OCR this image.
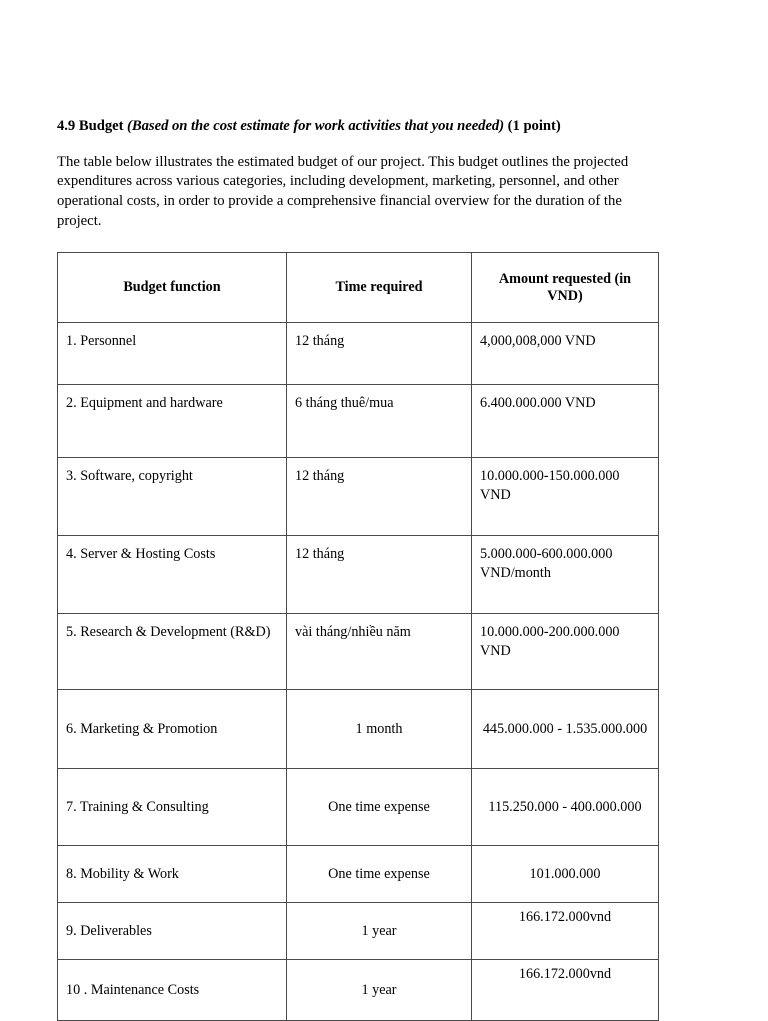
4.9 Budget (Based on the cost estimate for work activities that you needed) (1 point)

The table below illustrates the estimated budget of our project. This budget outlines the projected expenditures across various categories, including development, marketing, personnel, and other operational costs, in order to provide a comprehensive financial overview for the duration of the project.

Budget function	Time required	Amount requested (in VND)
1. Personnel	12 tháng	4,000,008,000 VND
2. Equipment and hardware	6 tháng thuê/mua	6.400.000.000 VND
3. Software, copyright	12 tháng	10.000.000-150.000.000 VND
4. Server & Hosting Costs	12 tháng	5.000.000-600.000.000 VND/month
5. Research & Development (R&D)	vài tháng/nhiều năm	10.000.000-200.000.000 VND
6. Marketing & Promotion	1 month	445.000.000 - 1.535.000.000
7. Training & Consulting	One time expense	115.250.000 - 400.000.000
8. Mobility & Work	One time expense	101.000.000
9. Deliverables	1 year	166.172.000vnd
10 . Maintenance Costs	1 year	166.172.000vnd
